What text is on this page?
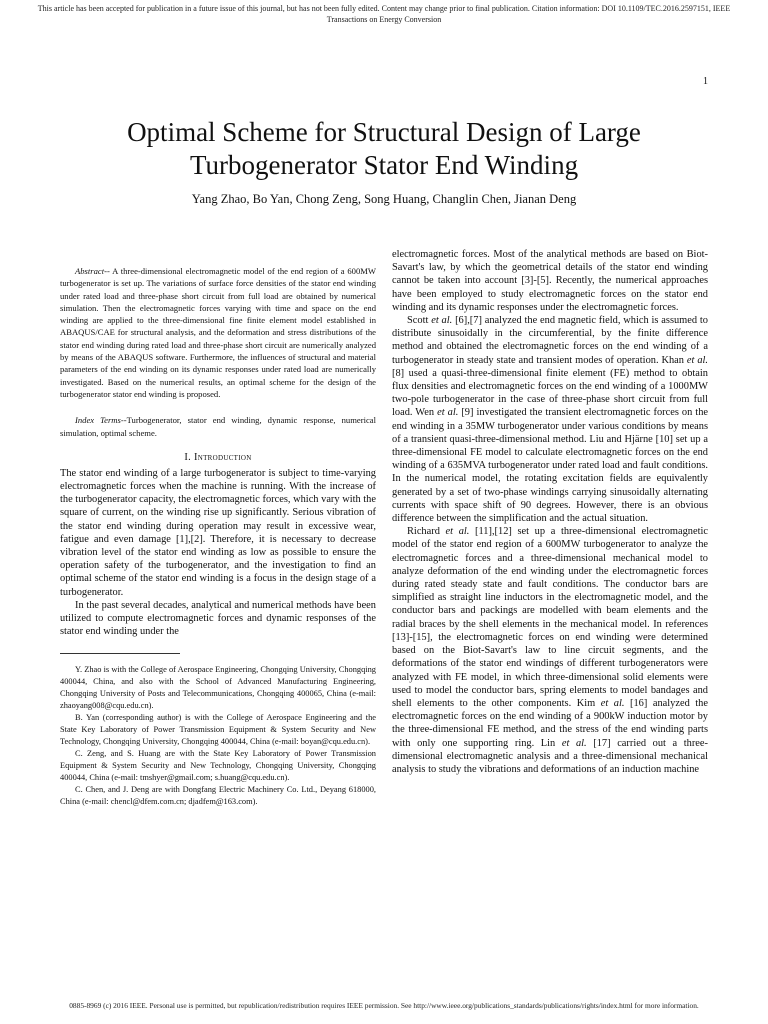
This article has been accepted for publication in a future issue of this journal, but has not been fully edited. Content may change prior to final publication. Citation information: DOI 10.1109/TEC.2016.2597151, IEEE
Transactions on Energy Conversion
1
Optimal Scheme for Structural Design of Large
Turbogenerator Stator End Winding
Yang Zhao, Bo Yan, Chong Zeng, Song Huang, Changlin Chen, Jianan Deng

Abstract-- A three-dimensional electromagnetic model of the end region of a 600MW turbogenerator is set up. The variations of surface force densities of the stator end winding under rated load and three-phase short circuit from full load are obtained by numerical simulation. Then the electromagnetic forces varying with time and space on the end winding are applied to the three-dimensional fine finite element model established in ABAQUS/CAE for structural analysis, and the deformation and stress distributions of the stator end winding during rated load and three-phase short circuit are numerically analyzed by means of the ABAQUS software. Furthermore, the influences of structural and material parameters of the end winding on its dynamic responses under rated load are numerically investigated. Based on the numerical results, an optimal scheme for the design of the turbogenerator stator end winding is proposed.

Index Terms--Turbogenerator, stator end winding, dynamic response, numerical simulation, optimal scheme.

I. Introduction

The stator end winding of a large turbogenerator is subject to time-varying electromagnetic forces when the machine is running. With the increase of the turbogenerator capacity, the electromagnetic forces, which vary with the square of current, on the winding rise up significantly. Serious vibration of the stator end winding during operation may result in excessive wear, fatigue and even damage [1],[2]. Therefore, it is necessary to decrease vibration level of the stator end winding as low as possible to ensure the operation safety of the turbogenerator, and the investigation to find an optimal scheme of the stator end winding is a focus in the design stage of a turbogenerator.

In the past several decades, analytical and numerical methods have been utilized to compute electromagnetic forces and dynamic responses of the stator end winding under the

Y. Zhao is with the College of Aerospace Engineering, Chongqing University, Chongqing 400044, China, and also with the School of Advanced Manufacturing Engineering, Chongqing University of Posts and Telecommunications, Chongqing 400065, China (e-mail: zhaoyang008@cqu.edu.cn).

B. Yan (corresponding author) is with the College of Aerospace Engineering and the State Key Laboratory of Power Transmission Equipment & System Security and New Technology, Chongqing University, Chongqing 400044, China (e-mail: boyan@cqu.edu.cn).

C. Zeng, and S. Huang are with the State Key Laboratory of Power Transmission Equipment & System Security and New Technology, Chongqing University, Chongqing 400044, China (e-mail: tmshyer@gmail.com; s.huang@cqu.edu.cn).

C. Chen, and J. Deng are with Dongfang Electric Machinery Co. Ltd., Deyang 618000, China (e-mail: chencl@dfem.com.cn; djadfem@163.com).

electromagnetic forces. Most of the analytical methods are based on Biot-Savart's law, by which the geometrical details of the stator end winding cannot be taken into account [3]-[5]. Recently, the numerical approaches have been employed to study electromagnetic forces on the stator end winding and its dynamic responses under the electromagnetic forces.

Scott et al. [6],[7] analyzed the end magnetic field, which is assumed to distribute sinusoidally in the circumferential, by the finite difference method and obtained the electromagnetic forces on the end winding of a turbogenerator in steady state and transient modes of operation. Khan et al. [8] used a quasi-three-dimensional finite element (FE) method to obtain flux densities and electromagnetic forces on the end winding of a 1000MW two-pole turbogenerator in the case of three-phase short circuit from full load. Wen et al. [9] investigated the transient electromagnetic forces on the end winding in a 35MW turbogenerator under various conditions by means of a transient quasi-three-dimensional method. Liu and Hjärne [10] set up a three-dimensional FE model to calculate electromagnetic forces on the end winding of a 635MVA turbogenerator under rated load and fault conditions. In the numerical model, the rotating excitation fields are equivalently generated by a set of two-phase windings carrying sinusoidally alternating currents with space shift of 90 degrees. However, there is an obvious difference between the simplification and the actual situation.

Richard et al. [11],[12] set up a three-dimensional electromagnetic model of the stator end region of a 600MW turbogenerator to analyze the electromagnetic forces and a three-dimensional mechanical model to analyze deformation of the end winding under the electromagnetic forces during rated steady state and fault conditions. The conductor bars are simplified as straight line inductors in the electromagnetic model, and the conductor bars and packings are modelled with beam elements and the radial braces by the shell elements in the mechanical model. In references [13]-[15], the electromagnetic forces on end winding were determined based on the Biot-Savart's law to line circuit segments, and the deformations of the stator end windings of different turbogenerators were analyzed with FE model, in which three-dimensional solid elements were used to model the conductor bars, spring elements to model bandages and shell elements to the other components. Kim et al. [16] analyzed the electromagnetic forces on the end winding of a 900kW induction motor by the three-dimensional FE method, and the stress of the end winding parts with only one supporting ring. Lin et al. [17] carried out a three-dimensional electromagnetic analysis and a three-dimensional mechanical analysis to study the vibrations and deformations of an induction machine

0885-8969 (c) 2016 IEEE. Personal use is permitted, but republication/redistribution requires IEEE permission. See http://www.ieee.org/publications_standards/publications/rights/index.html for more information.
